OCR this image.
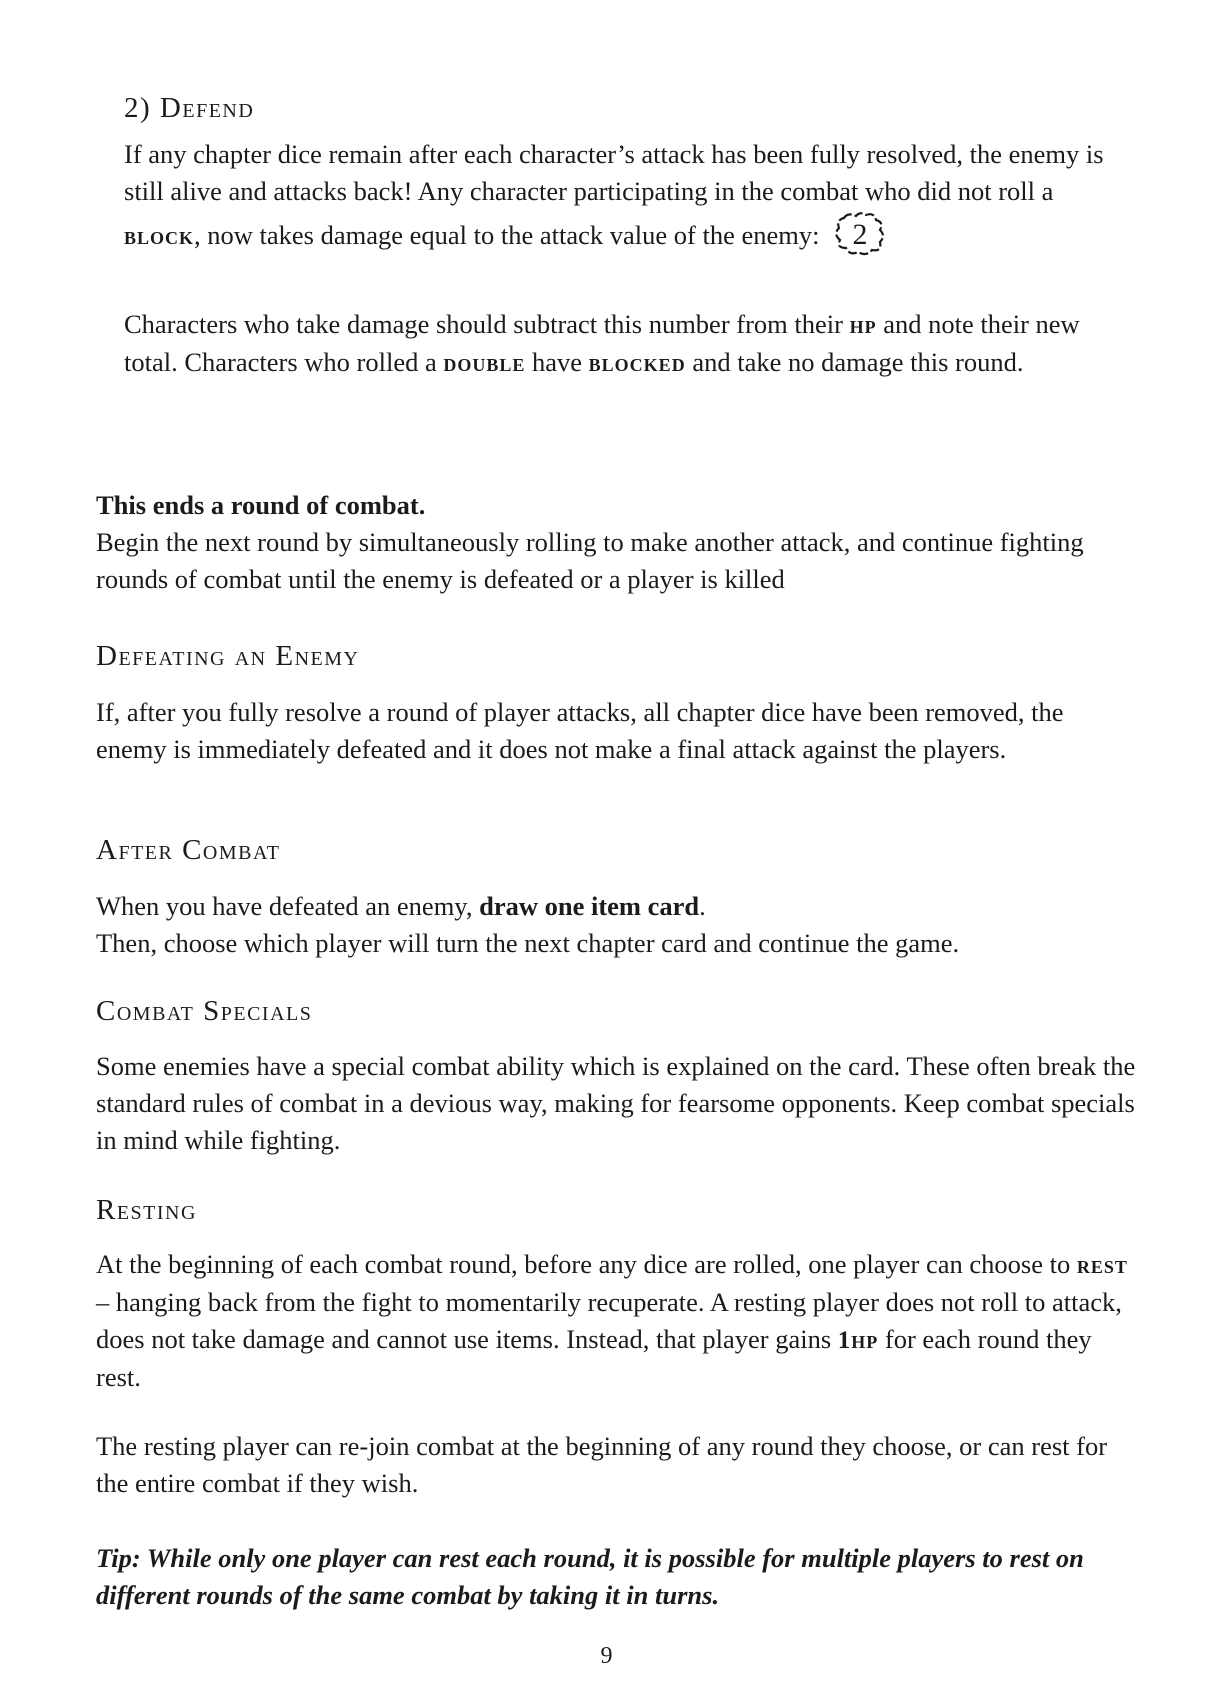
2) Defend

If any chapter dice remain after each character’s attack has been fully resolved, the enemy is still alive and attacks back! Any character participating in the combat who did not roll a block, now takes damage equal to the attack value of the enemy: 2

Characters who take damage should subtract this number from their hp and note their new total. Characters who rolled a double have blocked and take no damage this round.

This ends a round of combat.
Begin the next round by simultaneously rolling to make another attack, and continue fighting rounds of combat until the enemy is defeated or a player is killed

Defeating an Enemy

If, after you fully resolve a round of player attacks, all chapter dice have been removed, the enemy is immediately defeated and it does not make a final attack against the players.

After Combat

When you have defeated an enemy, draw one item card.
Then, choose which player will turn the next chapter card and continue the game.

Combat Specials

Some enemies have a special combat ability which is explained on the card. These often break the standard rules of combat in a devious way, making for fearsome opponents. Keep combat specials in mind while fighting.

Resting

At the beginning of each combat round, before any dice are rolled, one player can choose to rest – hanging back from the fight to momentarily recuperate. A resting player does not roll to attack, does not take damage and cannot use items. Instead, that player gains 1hp for each round they rest.

The resting player can re-join combat at the beginning of any round they choose, or can rest for the entire combat if they wish.

Tip: While only one player can rest each round, it is possible for multiple players to rest on different rounds of the same combat by taking it in turns.

9
